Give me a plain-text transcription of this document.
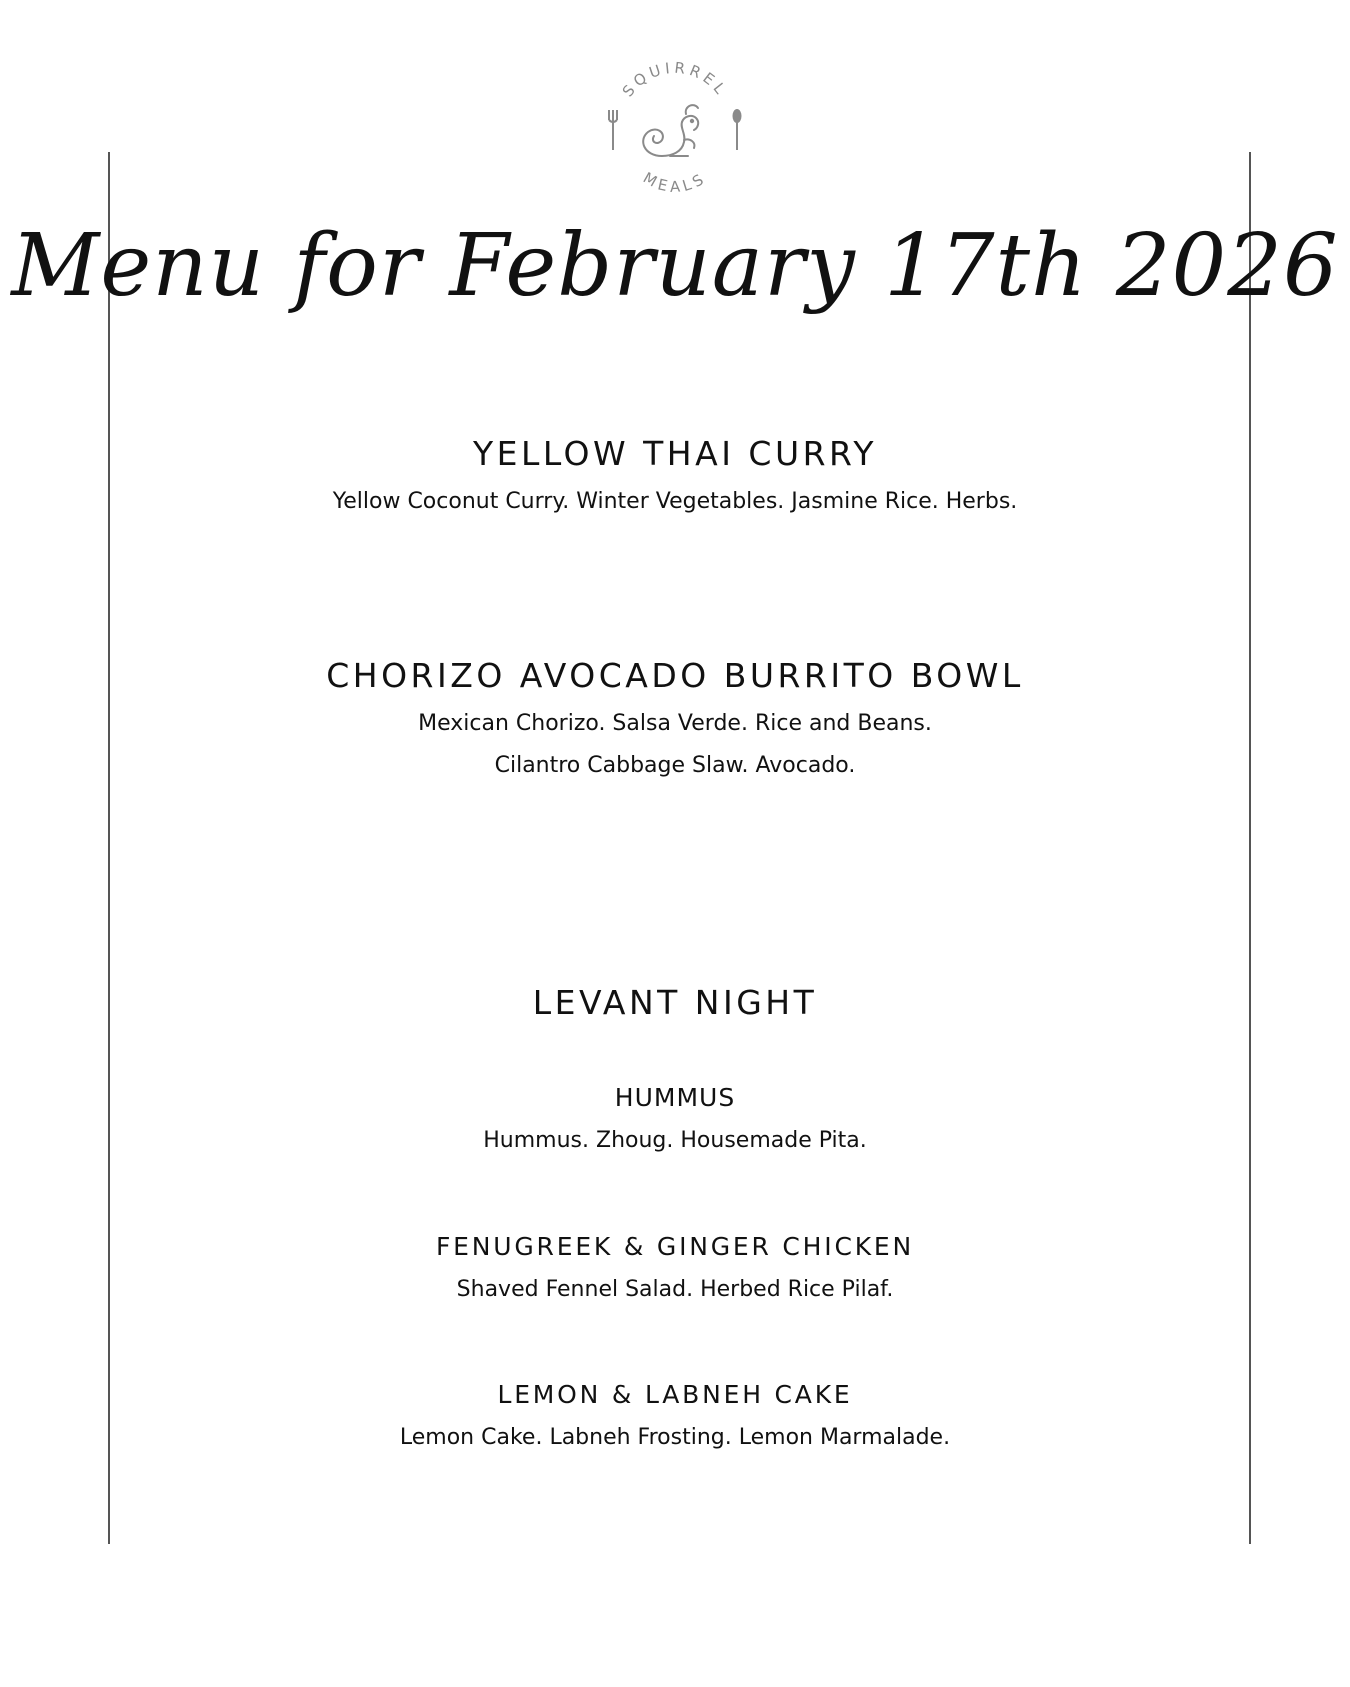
SQUIRREL
MEALS
Menu for February 17th 2026

YELLOW THAI CURRY

Yellow Coconut Curry. Winter Vegetables. Jasmine Rice. Herbs.

CHORIZO AVOCADO BURRITO BOWL

Mexican Chorizo. Salsa Verde. Rice and Beans.

Cilantro Cabbage Slaw. Avocado.

LEVANT NIGHT

HUMMUS

Hummus. Zhoug. Housemade Pita.

FENUGREEK & GINGER CHICKEN

Shaved Fennel Salad. Herbed Rice Pilaf.

LEMON & LABNEH CAKE

Lemon Cake. Labneh Frosting. Lemon Marmalade.
